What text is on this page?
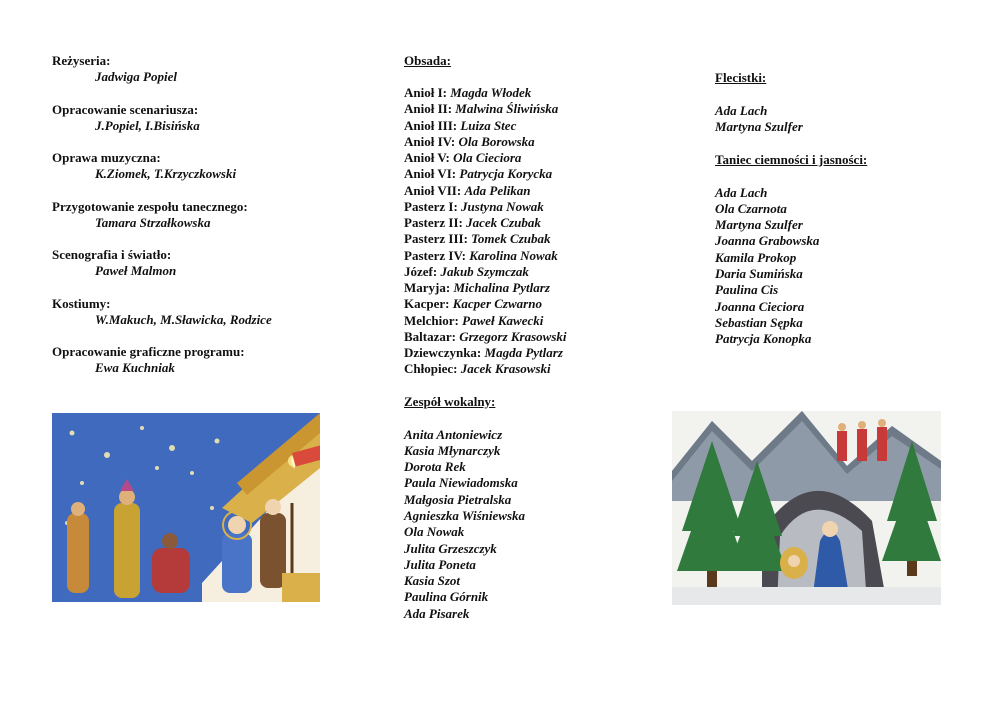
Reżyseria:

Jadwiga Popiel

Opracowanie scenariusza:

J.Popiel, I.Bisińska

Oprawa muzyczna:

K.Ziomek, T.Krzyczkowski

Przygotowanie zespołu tanecznego:

Tamara Strzałkowska

Scenografia i światło:

Paweł Malmon

Kostiumy:

W.Makuch, M.Sławicka, Rodzice

Opracowanie graficzne programu:

Ewa Kuchniak

Obsada:

Anioł I: Magda Włodek

Anioł II: Malwina Śliwińska

Anioł III: Luiza Stec

Anioł IV: Ola Borowska

Anioł V: Ola Cieciora

Anioł VI: Patrycja Korycka

Anioł VII: Ada Pelikan

Pasterz I: Justyna Nowak

Pasterz II: Jacek Czubak

Pasterz III: Tomek Czubak

Pasterz IV: Karolina Nowak

Józef: Jakub Szymczak

Maryja: Michalina Pytlarz

Kacper: Kacper Czwarno

Melchior: Paweł Kawecki

Baltazar: Grzegorz Krasowski

Dziewczynka: Magda Pytlarz

Chłopiec: Jacek Krasowski

Zespół wokalny:

Anita Antoniewicz

Kasia Młynarczyk

Dorota Rek

Paula Niewiadomska

Małgosia Pietralska

Agnieszka Wiśniewska

Ola Nowak

Julita Grzeszczyk

Julita Poneta

Kasia Szot

Paulina Górnik

Ada Pisarek

Flecistki:

Ada Lach

Martyna Szulfer

Taniec ciemności i jasności:

Ada Lach

Ola Czarnota

Martyna Szulfer

Joanna Grabowska

Kamila Prokop

Daria Sumińska

Paulina Cis

Joanna Cieciora

Sebastian Sępka

Patrycja Konopka
